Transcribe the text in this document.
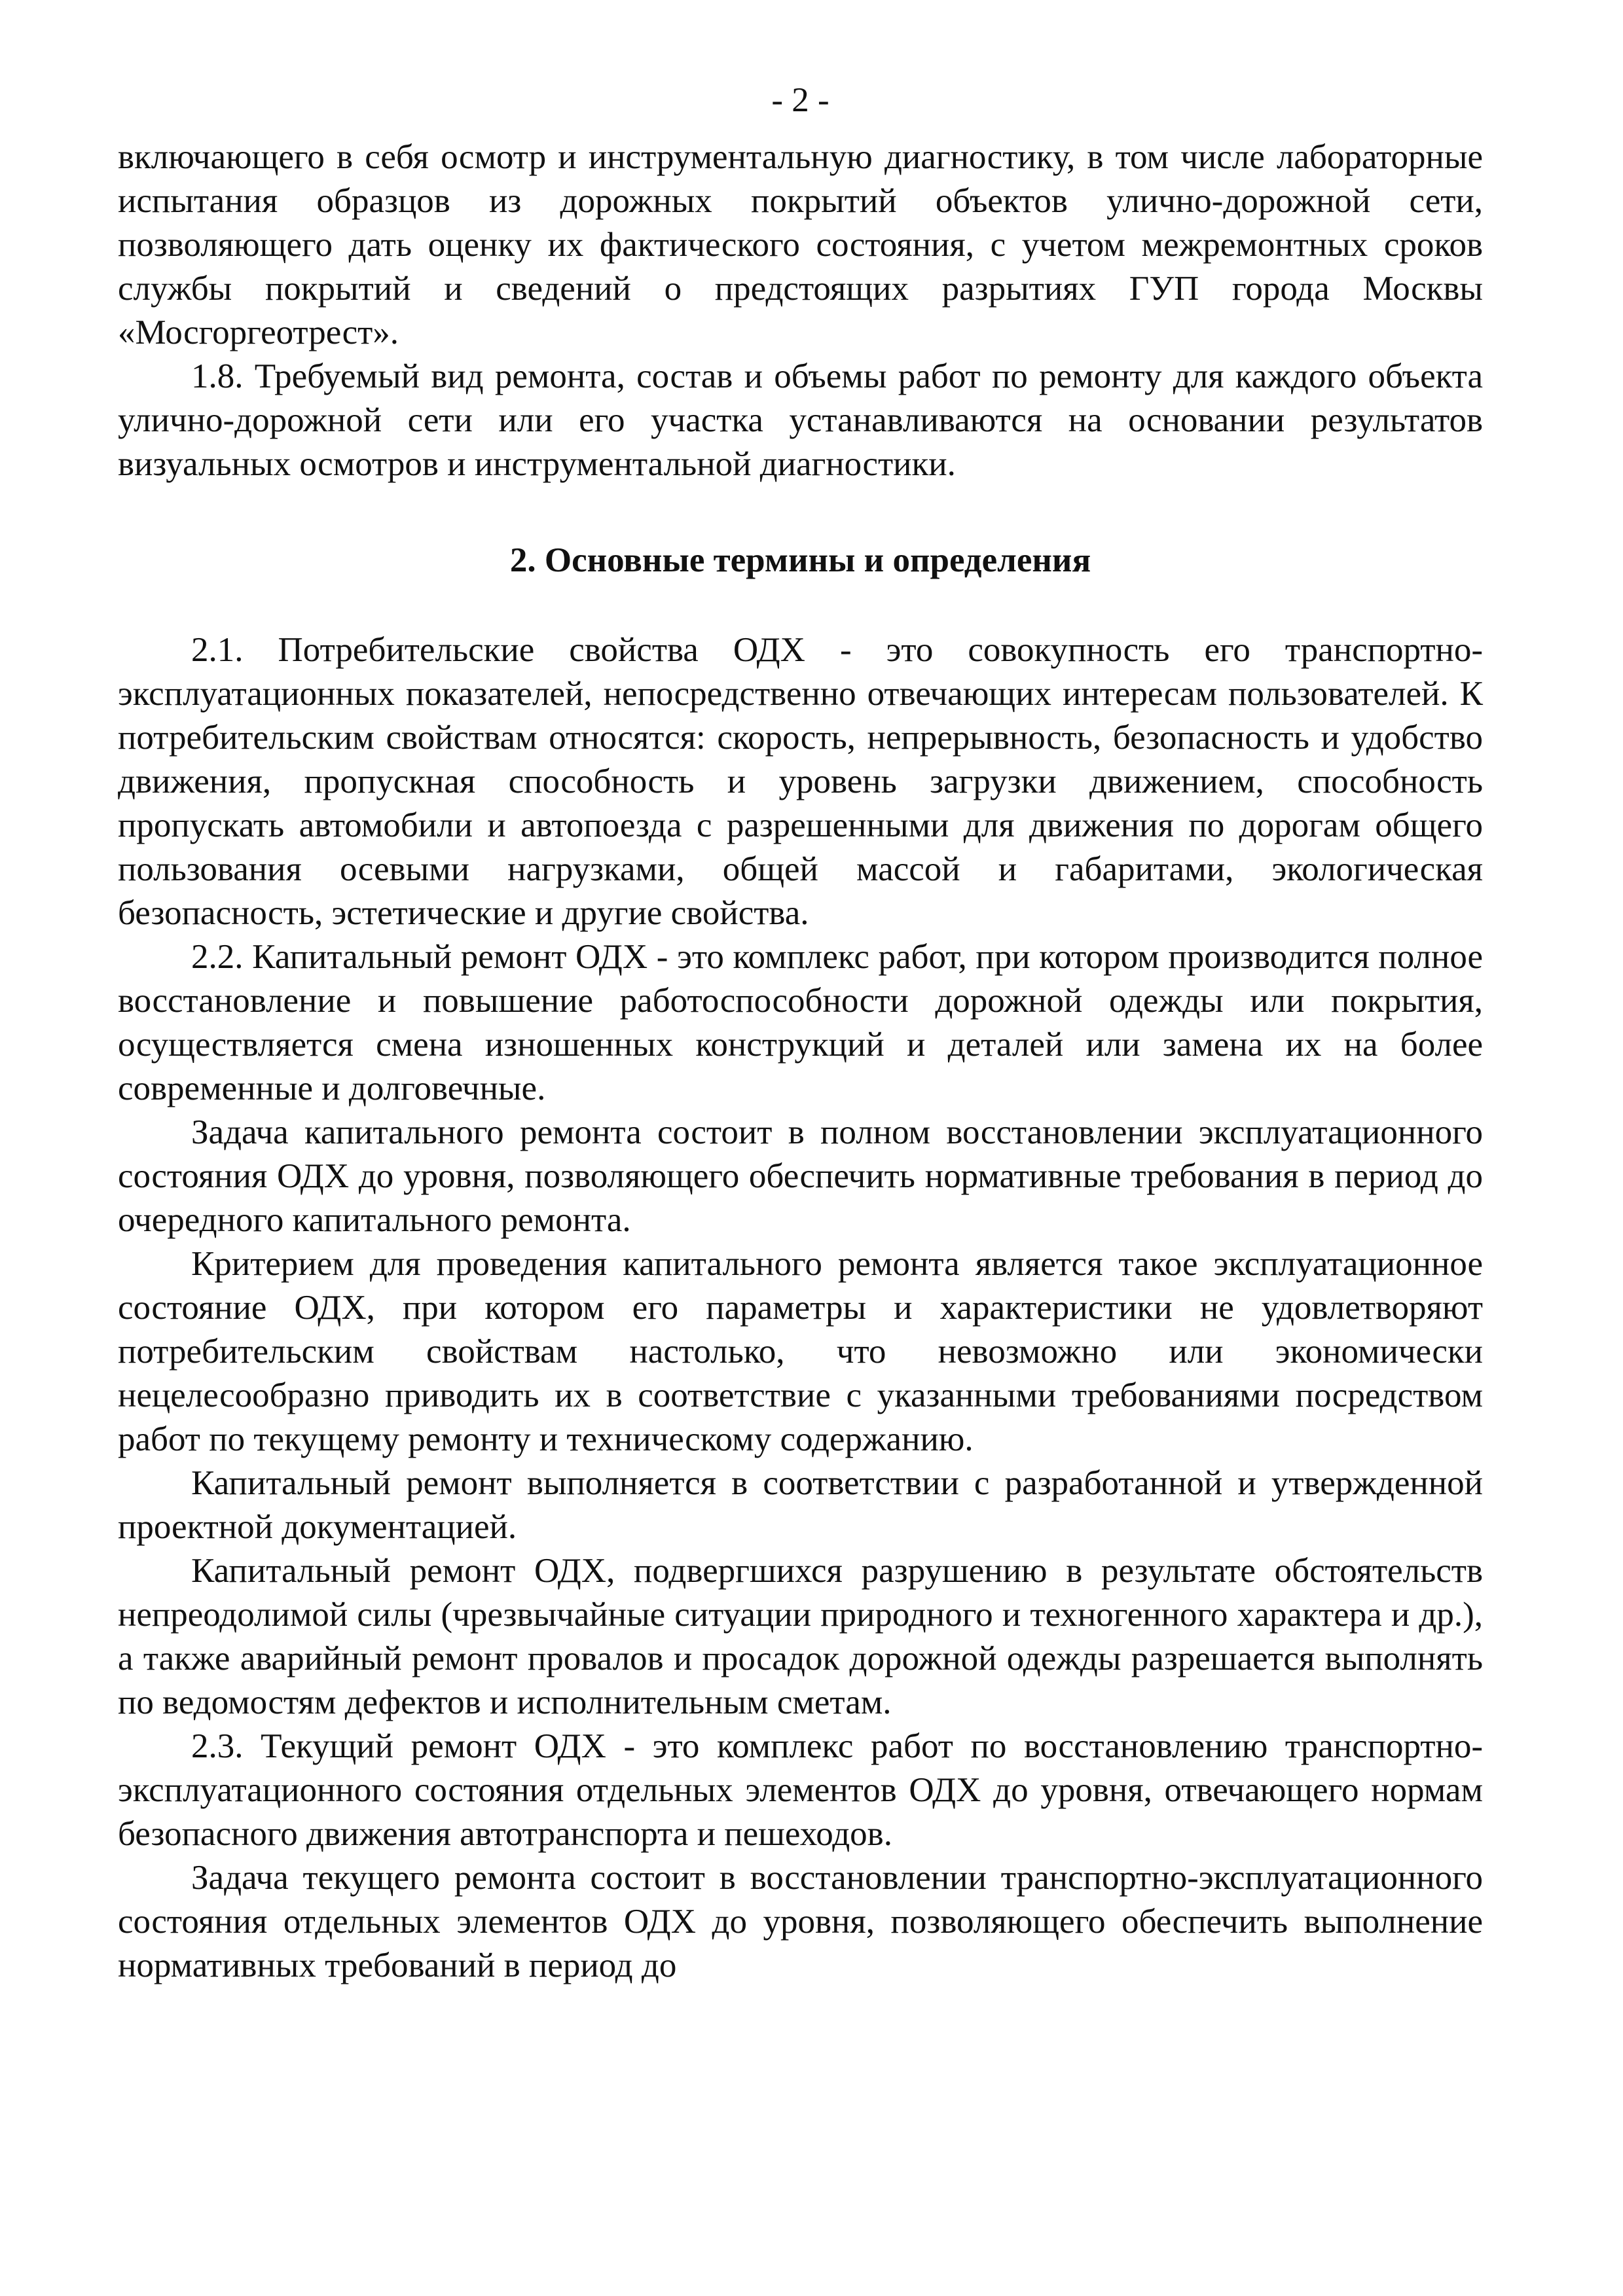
- 2 -

включающего в себя осмотр и инструментальную диагностику, в том числе лабораторные испытания образцов из дорожных покрытий объектов улично-дорожной сети, позволяющего дать оценку их фактического состояния, с учетом межремонтных сроков службы покрытий и сведений о предстоящих разрытиях ГУП города Москвы «Мосгоргеотрест».

1.8. Требуемый вид ремонта, состав и объемы работ по ремонту для каждого объекта улично-дорожной сети или его участка устанавливаются на основании результатов визуальных осмотров и инструментальной диагностики.

2. Основные термины и определения

2.1. Потребительские свойства ОДХ - это совокупность его транспортно-эксплуатационных показателей, непосредственно отвечающих интересам пользователей. К потребительским свойствам относятся: скорость, непрерывность, безопасность и удобство движения, пропускная способность и уровень загрузки движением, способность пропускать автомобили и автопоезда с разрешенными для движения по дорогам общего пользования осевыми нагрузками, общей массой и габаритами, экологическая безопасность, эстетические и другие свойства.

2.2. Капитальный ремонт ОДХ - это комплекс работ, при котором производится полное восстановление и повышение работоспособности дорожной одежды или покрытия, осуществляется смена изношенных конструкций и деталей или замена их на более современные и долговечные.

Задача капитального ремонта состоит в полном восстановлении эксплуатационного состояния ОДХ до уровня, позволяющего обеспечить нормативные требования в период до очередного капитального ремонта.

Критерием для проведения капитального ремонта является такое эксплуатационное состояние ОДХ, при котором его параметры и характеристики не удовлетворяют потребительским свойствам настолько, что невозможно или экономически нецелесообразно приводить их в соответствие с указанными требованиями посредством работ по текущему ремонту и техническому содержанию.

Капитальный ремонт выполняется в соответствии с разработанной и утвержденной проектной документацией.

Капитальный ремонт ОДХ, подвергшихся разрушению в результате обстоятельств непреодолимой силы (чрезвычайные ситуации природного и техногенного характера и др.), а также аварийный ремонт провалов и просадок дорожной одежды разрешается выполнять по ведомостям дефектов и исполнительным сметам.

2.3. Текущий ремонт ОДХ - это комплекс работ по восстановлению транспортно-эксплуатационного состояния отдельных элементов ОДХ до уровня, отвечающего нормам безопасного движения автотранспорта и пешеходов.

Задача текущего ремонта состоит в восстановлении транспортно-эксплуатационного состояния отдельных элементов ОДХ до уровня, позволяющего обеспечить выполнение нормативных требований в период до
